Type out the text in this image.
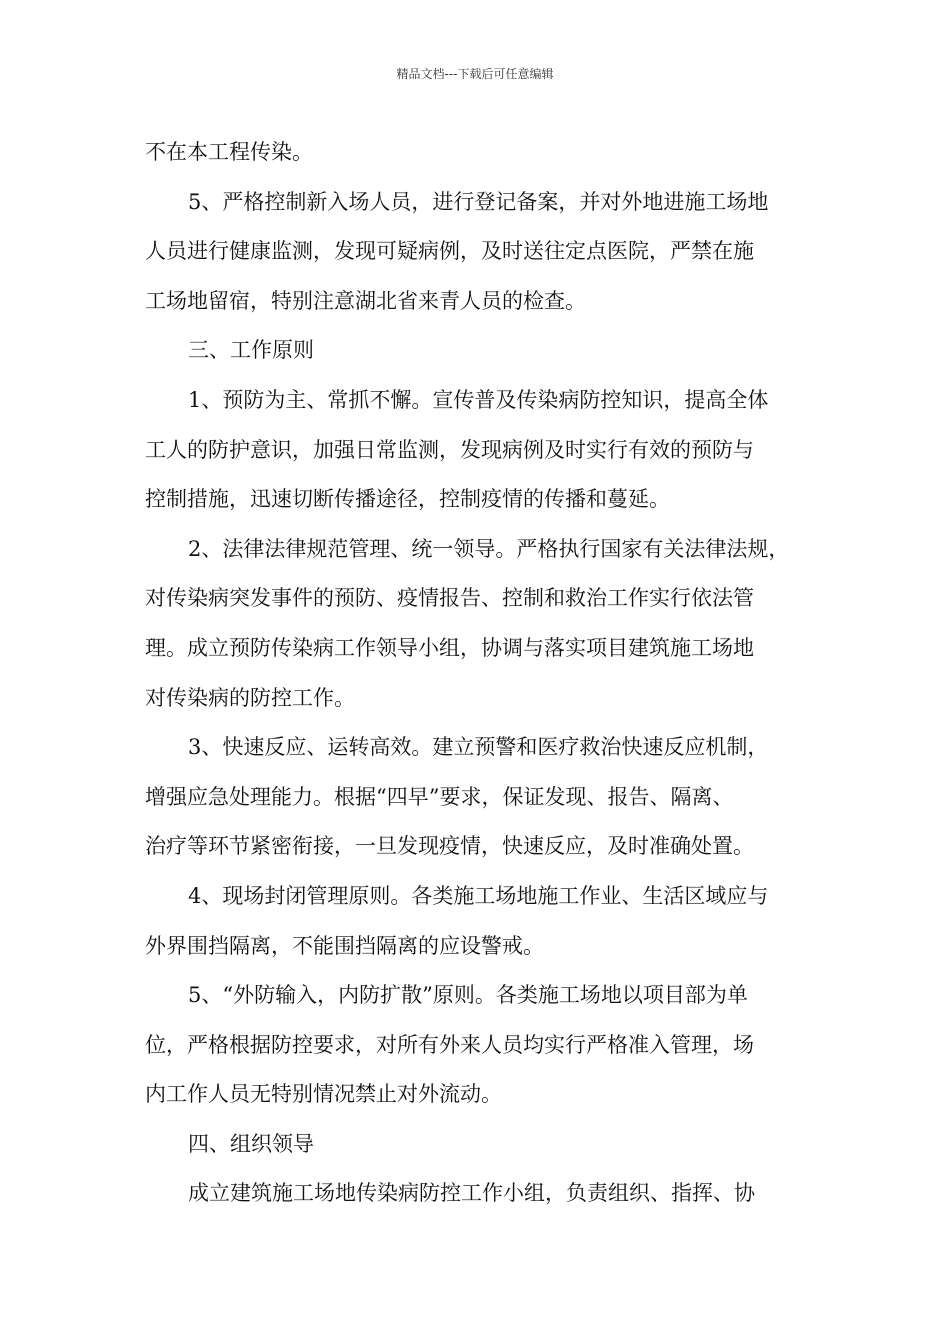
精品文档---下载后可任意编辑
不在本工程传染。
5、严格控制新入场人员，进行登记备案，并对外地进施工场地
人员进行健康监测，发现可疑病例，及时送往定点医院，严禁在施
工场地留宿，特别注意湖北省来青人员的检查。
三、工作原则
1、预防为主、常抓不懈。宣传普及传染病防控知识，提高全体
工人的防护意识，加强日常监测，发现病例及时实行有效的预防与
控制措施，迅速切断传播途径，控制疫情的传播和蔓延。
2、法律法律规范管理、统一领导。严格执行国家有关法律法规，
对传染病突发事件的预防、疫情报告、控制和救治工作实行依法管
理。成立预防传染病工作领导小组，协调与落实项目建筑施工场地
对传染病的防控工作。
3、快速反应、运转高效。建立预警和医疗救治快速反应机制，
增强应急处理能力。根据“四早”要求，保证发现、报告、隔离、
治疗等环节紧密衔接，一旦发现疫情，快速反应，及时准确处置。
4、现场封闭管理原则。各类施工场地施工作业、生活区域应与
外界围挡隔离，不能围挡隔离的应设警戒。
5、“外防输入，内防扩散”原则。各类施工场地以项目部为单
位，严格根据防控要求，对所有外来人员均实行严格准入管理，场
内工作人员无特别情况禁止对外流动。
四、组织领导
成立建筑施工场地传染病防控工作小组，负责组织、指挥、协
